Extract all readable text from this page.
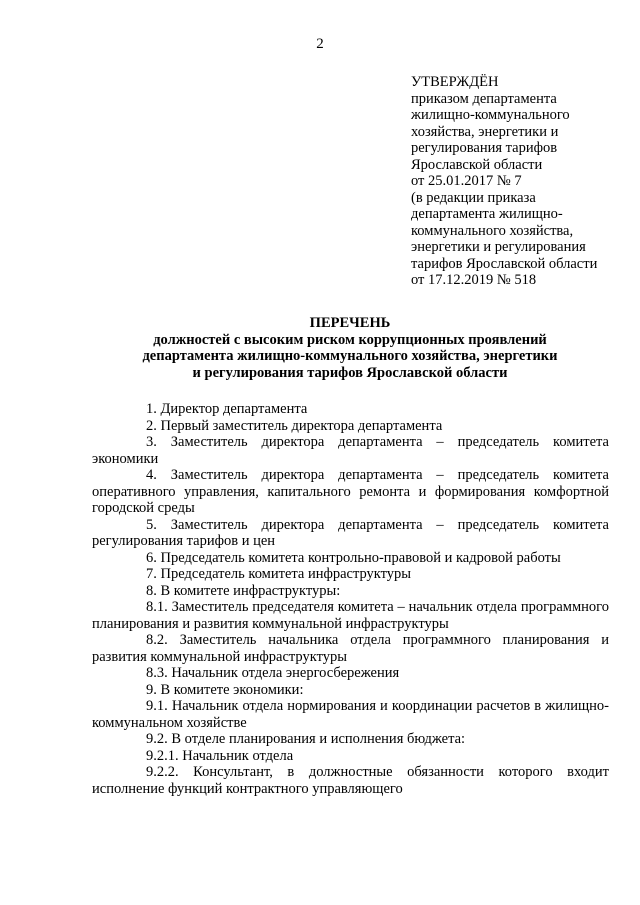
2
УТВЕРЖДЁН
приказом департамента
жилищно-коммунального
хозяйства, энергетики и
регулирования тарифов
Ярославской области
от 25.01.2017 № 7
(в редакции приказа
департамента жилищно-
коммунального хозяйства,
энергетики и регулирования
тарифов Ярославской области
от 17.12.2019 № 518
ПЕРЕЧЕНЬ
должностей с высоким риском коррупционных проявлений
департамента жилищно-коммунального хозяйства, энергетики
и регулирования тарифов Ярославской области

1. Директор департамента

2. Первый заместитель директора департамента

3. Заместитель директора департамента – председатель комитета экономики

4. Заместитель директора департамента – председатель комитета оперативного управления, капитального ремонта и формирования комфортной городской среды

5. Заместитель директора департамента – председатель комитета регулирования тарифов и цен

6. Председатель комитета контрольно-правовой и кадровой работы

7. Председатель комитета инфраструктуры

8. В комитете инфраструктуры:

8.1. Заместитель председателя комитета – начальник отдела программного планирования и развития коммунальной инфраструктуры

8.2. Заместитель начальника отдела программного планирования и развития коммунальной инфраструктуры

8.3. Начальник отдела энергосбережения

9. В комитете экономики:

9.1. Начальник отдела нормирования и координации расчетов в жилищно-коммунальном хозяйстве

9.2. В отделе планирования и исполнения бюджета:

9.2.1. Начальник отдела

9.2.2. Консультант, в должностные обязанности которого входит исполнение функций контрактного управляющего
